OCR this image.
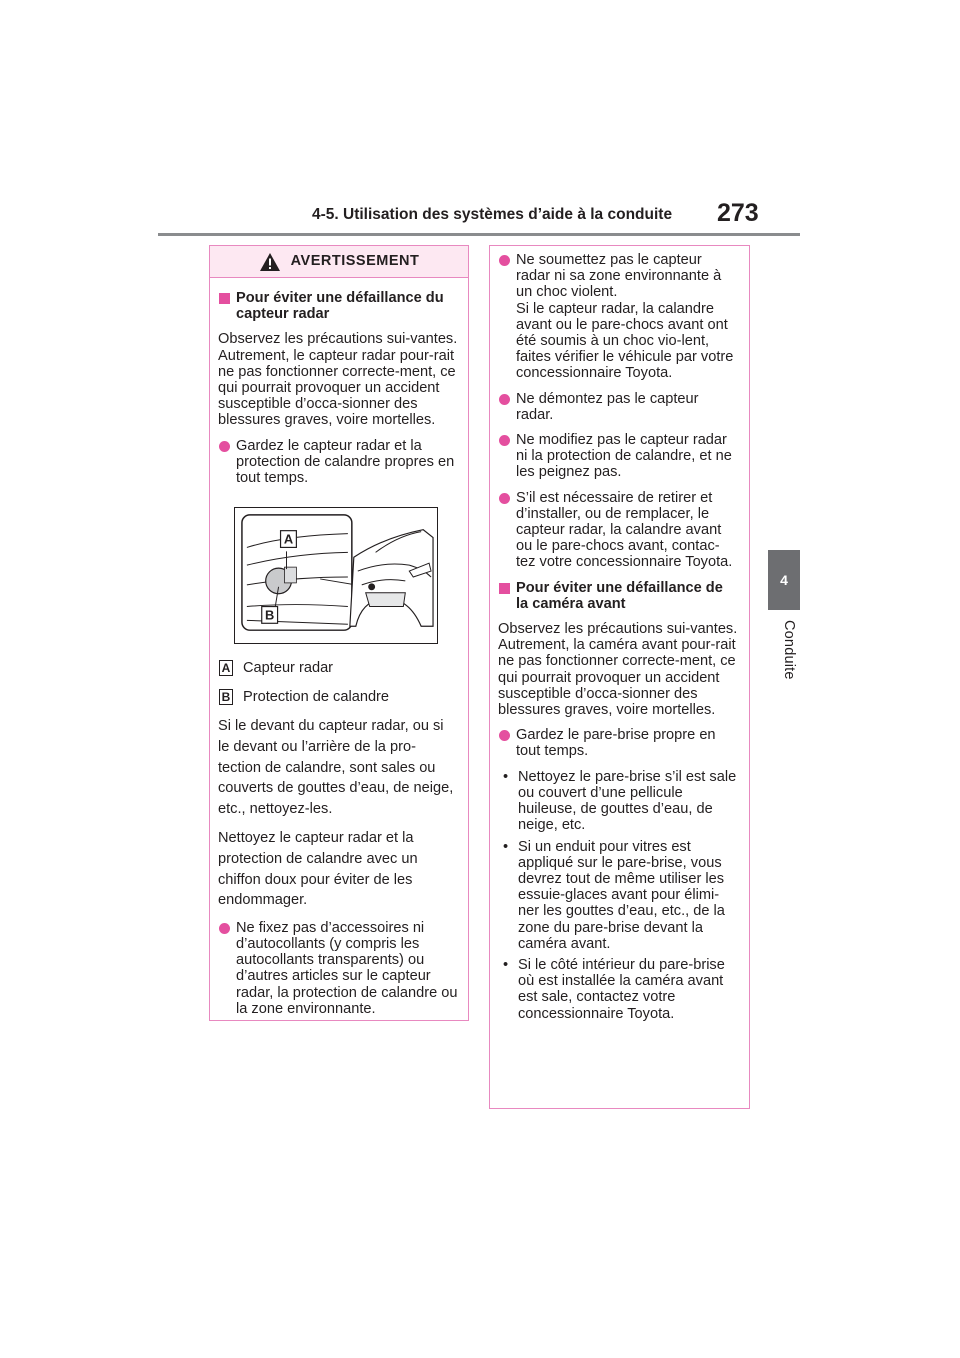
4-5. Utilisation des systèmes d’aide à la conduite 273
4
Conduite
AVERTISSEMENT
Pour éviter une défaillance du capteur radar
Observez les précautions sui-vantes.

Autrement, le capteur radar pour-rait ne pas fonctionner correcte-ment, ce qui pourrait provoquer un accident susceptible d’occa-sionner des blessures graves, voire mortelles.

Gardez le capteur radar et la protection de calandre propres en tout temps.
A
B
A Capteur radar
B Protection de calandre

Si le devant du capteur radar, ou si le devant ou l’arrière de la pro-tection de calandre, sont sales ou couverts de gouttes d’eau, de neige, etc., nettoyez-les.

Nettoyez le capteur radar et la protection de calandre avec un chiffon doux pour éviter de les endommager.

Ne fixez pas d’accessoires ni d’autocollants (y compris les autocollants transparents) ou d’autres articles sur le capteur radar, la protection de calandre ou la zone environnante.
Ne soumettez pas le capteur radar ni sa zone environnante à un choc violent.
Si le capteur radar, la calandre avant ou le pare-chocs avant ont été soumis à un choc vio-lent, faites vérifier le véhicule par votre concessionnaire Toyota.
Ne démontez pas le capteur radar.
Ne modifiez pas le capteur radar ni la protection de calandre, et ne les peignez pas.
S’il est nécessaire de retirer et d’installer, ou de remplacer, le capteur radar, la calandre avant ou le pare-chocs avant, contac-tez votre concessionnaire Toyota.
Pour éviter une défaillance de la caméra avant
Observez les précautions sui-vantes.

Autrement, la caméra avant pour-rait ne pas fonctionner correcte-ment, ce qui pourrait provoquer un accident susceptible d’occa-sionner des blessures graves, voire mortelles.

Gardez le pare-brise propre en tout temps.
• Nettoyez le pare-brise s’il est sale ou couvert d’une pellicule huileuse, de gouttes d’eau, de neige, etc.
• Si un enduit pour vitres est appliqué sur le pare-brise, vous devrez tout de même utiliser les essuie-glaces avant pour élimi-ner les gouttes d’eau, etc., de la zone du pare-brise devant la caméra avant.
• Si le côté intérieur du pare-brise où est installée la caméra avant est sale, contactez votre concessionnaire Toyota.
